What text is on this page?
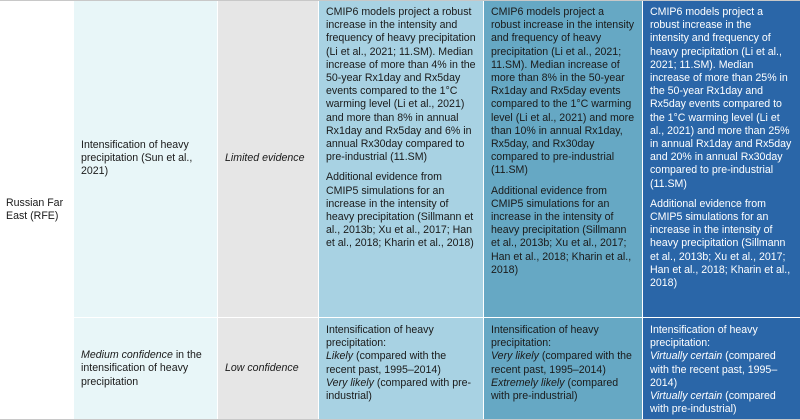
Russian Far East (RFE)
Intensification of heavy precipitation (Sun et al., 2021)
Limited evidence

CMIP6 models project a robust increase in the intensity and frequency of heavy precipitation (Li et al., 2021; 11.SM). Median increase of more than 4% in the 50-year Rx1day and Rx5day events compared to the 1°C warming level (Li et al., 2021) and more than 8% in annual Rx1day and Rx5day and 6% in annual Rx30day compared to pre-industrial (11.SM)

Additional evidence from CMIP5 simulations for an increase in the intensity of heavy precipitation (Sillmann et al., 2013b; Xu et al., 2017; Han et al., 2018; Kharin et al., 2018)

CMIP6 models project a robust increase in the intensity and frequency of heavy precipitation (Li et al., 2021; 11.SM). Median increase of more than 8% in the 50-year Rx1day and Rx5day events compared to the 1°C warming level (Li et al., 2021) and more than 10% in annual Rx1day, Rx5day, and Rx30day compared to pre-industrial (11.SM)

Additional evidence from CMIP5 simulations for an increase in the intensity of heavy precipitation (Sillmann et al., 2013b; Xu et al., 2017; Han et al., 2018; Kharin et al., 2018)

CMIP6 models project a robust increase in the intensity and frequency of heavy precipitation (Li et al., 2021; 11.SM). Median increase of more than 25% in the 50-year Rx1day and Rx5day events compared to the 1°C warming level (Li et al., 2021) and more than 25% in annual Rx1day and Rx5day and 20% in annual Rx30day compared to pre-industrial (11.SM)

Additional evidence from CMIP5 simulations for an increase in the intensity of heavy precipitation (Sillmann et al., 2013b; Xu et al., 2017; Han et al., 2018; Kharin et al., 2018)

Medium confidence in the intensification of heavy precipitation
Low confidence

Intensification of heavy precipitation:

Likely (compared with the recent past, 1995–2014)

Very likely (compared with pre-industrial)

Intensification of heavy precipitation:

Very likely (compared with the recent past, 1995–2014)

Extremely likely (compared with pre-industrial)

Intensification of heavy precipitation:

Virtually certain (compared with the recent past, 1995–2014)

Virtually certain (compared with pre-industrial)
